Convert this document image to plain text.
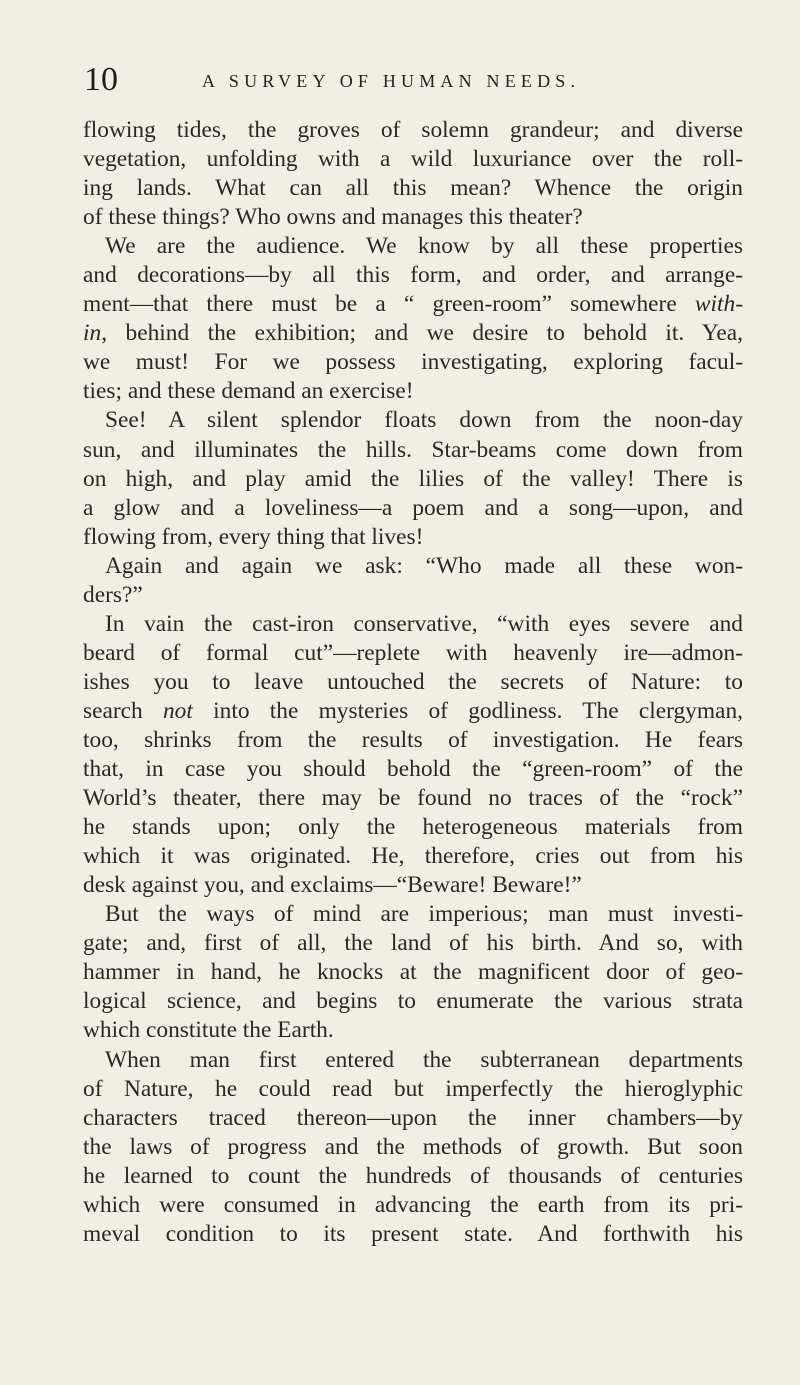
10	A SURVEY OF HUMAN NEEDS.
flowing tides, the groves of solemn grandeur; and diverse
vegetation, unfolding with a wild luxuriance over the roll-
ing lands. What can all this mean? Whence the origin
of these things? Who owns and manages this theater?
We are the audience. We know by all these properties
and decorations—by all this form, and order, and arrange-
ment—that there must be a “ green-room” somewhere with-
in, behind the exhibition; and we desire to behold it. Yea,
we must! For we possess investigating, exploring facul-
ties; and these demand an exercise!
See! A silent splendor floats down from the noon-day
sun, and illuminates the hills. Star-beams come down from
on high, and play amid the lilies of the valley! There is
a glow and a loveliness—a poem and a song—upon, and
flowing from, every thing that lives!
Again and again we ask: “Who made all these won-
ders?”
In vain the cast-iron conservative, “with eyes severe and
beard of formal cut”—replete with heavenly ire—admon-
ishes you to leave untouched the secrets of Nature: to
search not into the mysteries of godliness. The clergyman,
too, shrinks from the results of investigation. He fears
that, in case you should behold the “green-room” of the
World’s theater, there may be found no traces of the “rock”
he stands upon; only the heterogeneous materials from
which it was originated. He, therefore, cries out from his
desk against you, and exclaims—“Beware! Beware!”
But the ways of mind are imperious; man must investi-
gate; and, first of all, the land of his birth. And so, with
hammer in hand, he knocks at the magnificent door of geo-
logical science, and begins to enumerate the various strata
which constitute the Earth.
When man first entered the subterranean departments
of Nature, he could read but imperfectly the hieroglyphic
characters traced thereon—upon the inner chambers—by
the laws of progress and the methods of growth. But soon
he learned to count the hundreds of thousands of centuries
which were consumed in advancing the earth from its pri-
meval condition to its present state. And forthwith his
